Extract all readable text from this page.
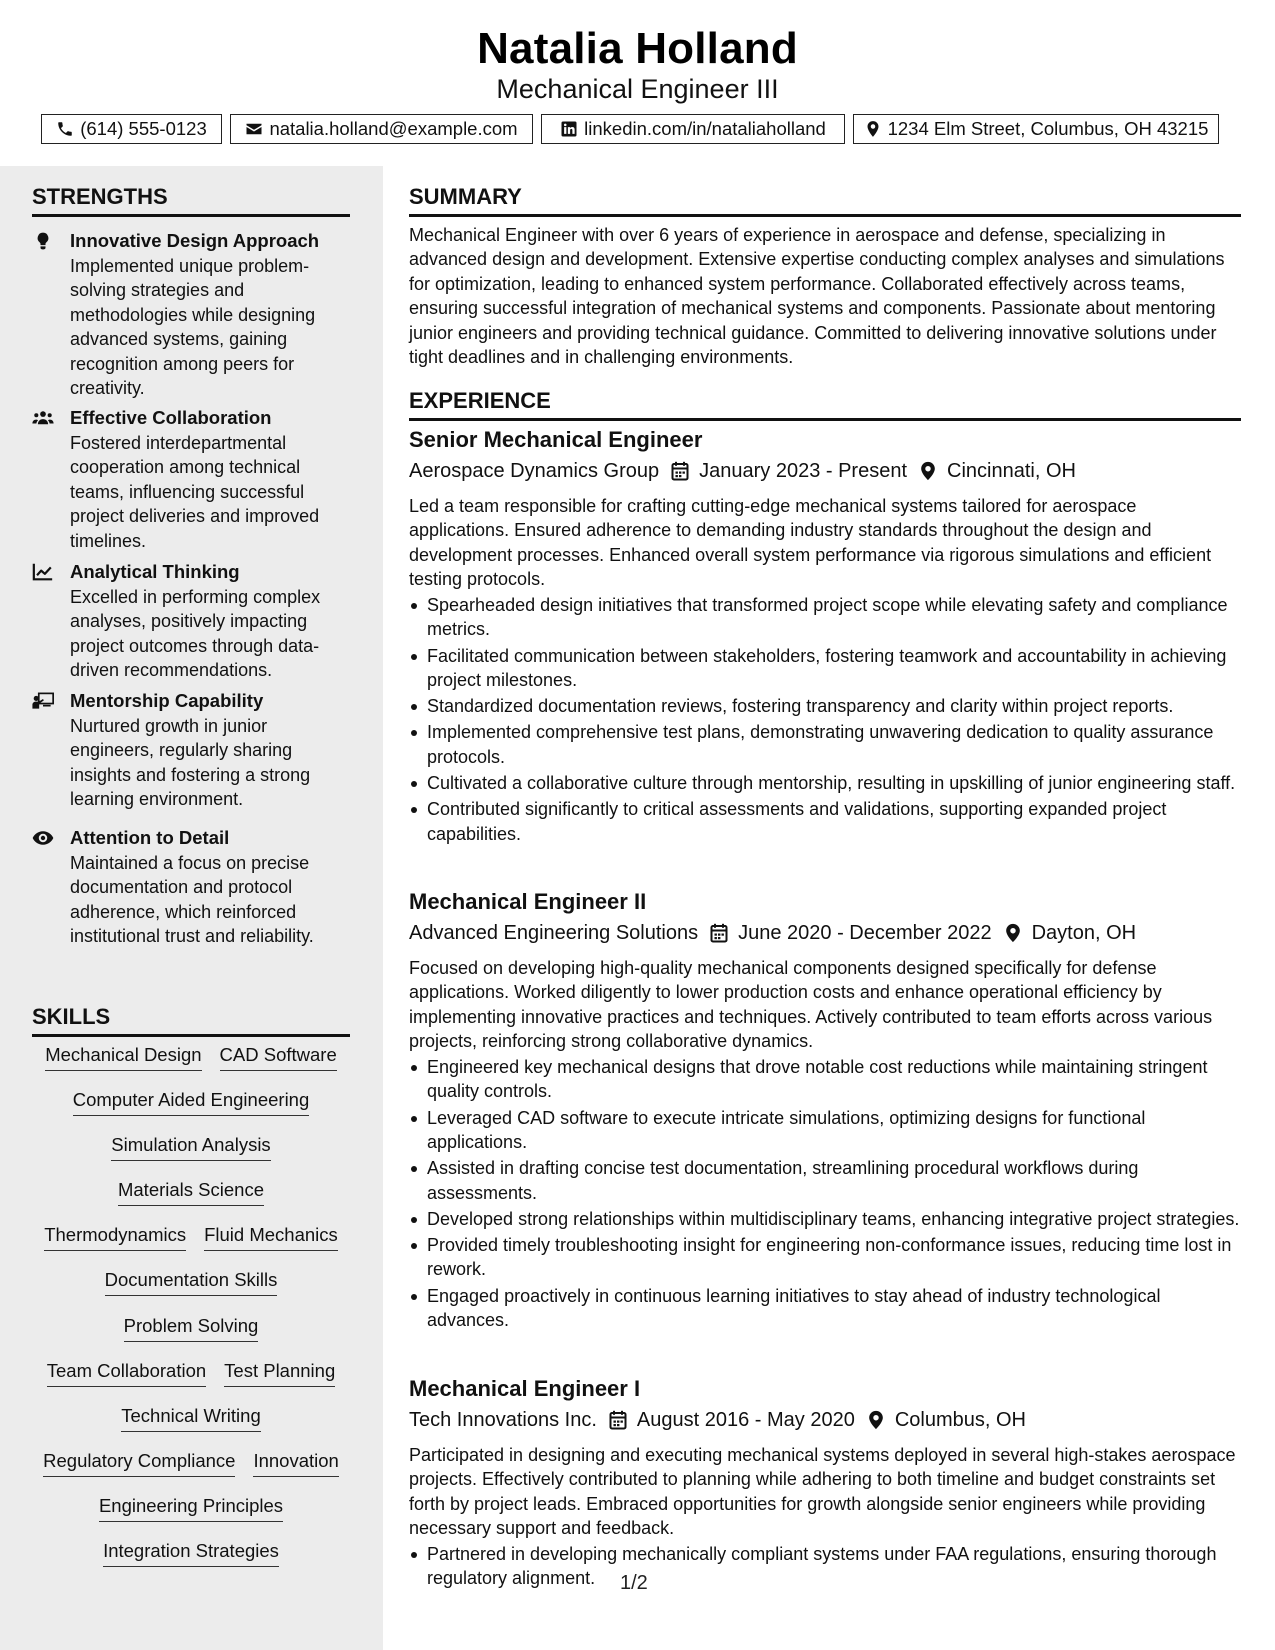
Natalia Holland
Mechanical Engineer III
(614) 555-0123	natalia.holland@example.com	linkedin.com/in/nataliaholland	1234 Elm Street, Columbus, OH 43215
STRENGTHS
Innovative Design Approach
Implemented unique problem-solving strategies and methodologies while designing advanced systems, gaining recognition among peers for creativity.
Effective Collaboration
Fostered interdepartmental cooperation among technical teams, influencing successful project deliveries and improved timelines.
Analytical Thinking
Excelled in performing complex analyses, positively impacting project outcomes through data-driven recommendations.
Mentorship Capability
Nurtured growth in junior engineers, regularly sharing insights and fostering a strong learning environment.
Attention to Detail
Maintained a focus on precise documentation and protocol adherence, which reinforced institutional trust and reliability.
SKILLS
Mechanical Design CAD Software
Computer Aided Engineering
Simulation Analysis
Materials Science
Thermodynamics Fluid Mechanics
Documentation Skills
Problem Solving
Team Collaboration Test Planning
Technical Writing
Regulatory Compliance Innovation
Engineering Principles
Integration Strategies
SUMMARY
Mechanical Engineer with over 6 years of experience in aerospace and defense, specializing in advanced design and development. Extensive expertise conducting complex analyses and simulations for optimization, leading to enhanced system performance. Collaborated effectively across teams, ensuring successful integration of mechanical systems and components. Passionate about mentoring junior engineers and providing technical guidance. Committed to delivering innovative solutions under tight deadlines and in challenging environments.
EXPERIENCE
Senior Mechanical Engineer
Aerospace Dynamics Group January 2023 - Present Cincinnati, OH
Led a team responsible for crafting cutting-edge mechanical systems tailored for aerospace applications. Ensured adherence to demanding industry standards throughout the design and development processes. Enhanced overall system performance via rigorous simulations and efficient testing protocols.
Spearheaded design initiatives that transformed project scope while elevating safety and compliance metrics.
Facilitated communication between stakeholders, fostering teamwork and accountability in achieving project milestones.
Standardized documentation reviews, fostering transparency and clarity within project reports.
Implemented comprehensive test plans, demonstrating unwavering dedication to quality assurance protocols.
Cultivated a collaborative culture through mentorship, resulting in upskilling of junior engineering staff.
Contributed significantly to critical assessments and validations, supporting expanded project capabilities.
Mechanical Engineer II
Advanced Engineering Solutions June 2020 - December 2022 Dayton, OH
Focused on developing high-quality mechanical components designed specifically for defense applications. Worked diligently to lower production costs and enhance operational efficiency by implementing innovative practices and techniques. Actively contributed to team efforts across various projects, reinforcing strong collaborative dynamics.
Engineered key mechanical designs that drove notable cost reductions while maintaining stringent quality controls.
Leveraged CAD software to execute intricate simulations, optimizing designs for functional applications.
Assisted in drafting concise test documentation, streamlining procedural workflows during assessments.
Developed strong relationships within multidisciplinary teams, enhancing integrative project strategies.
Provided timely troubleshooting insight for engineering non-conformance issues, reducing time lost in rework.
Engaged proactively in continuous learning initiatives to stay ahead of industry technological advances.
Mechanical Engineer I
Tech Innovations Inc. August 2016 - May 2020 Columbus, OH
Participated in designing and executing mechanical systems deployed in several high-stakes aerospace projects. Effectively contributed to planning while adhering to both timeline and budget constraints set forth by project leads. Embraced opportunities for growth alongside senior engineers while providing necessary support and feedback.
Partnered in developing mechanically compliant systems under FAA regulations, ensuring thorough regulatory alignment.	1/2
